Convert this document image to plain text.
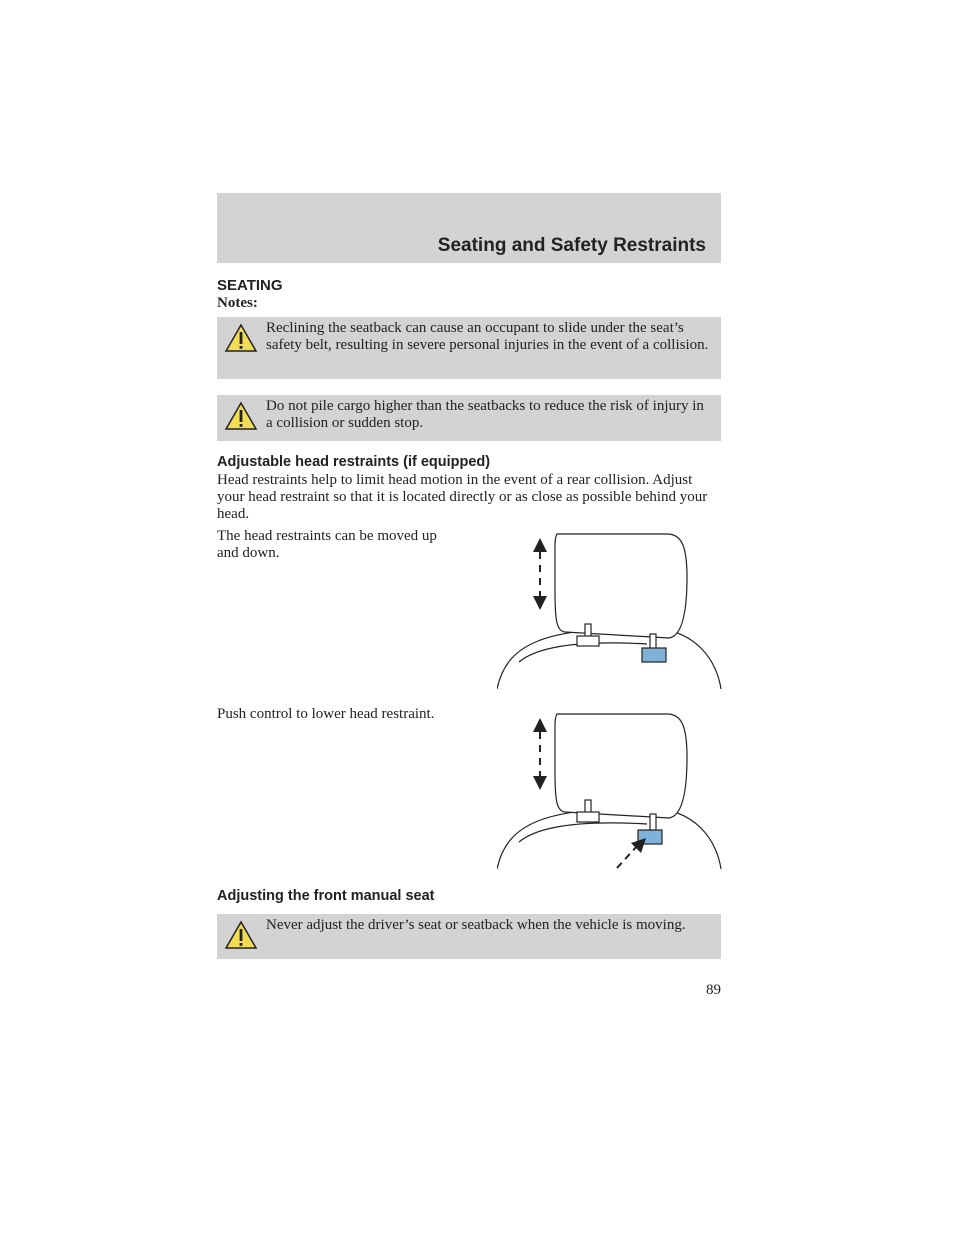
Seating and Safety Restraints
SEATING
Notes:
Reclining the seatback can cause an occupant to slide under the seat’s safety belt, resulting in severe personal injuries in the event of a collision.
Do not pile cargo higher than the seatbacks to reduce the risk of injury in a collision or sudden stop.
Adjustable head restraints (if equipped)
Head restraints help to limit head motion in the event of a rear collision. Adjust your head restraint so that it is located directly or as close as possible behind your head.
The head restraints can be moved up and down.
Push control to lower head restraint.
Adjusting the front manual seat
Never adjust the driver’s seat or seatback when the vehicle is moving.
89
